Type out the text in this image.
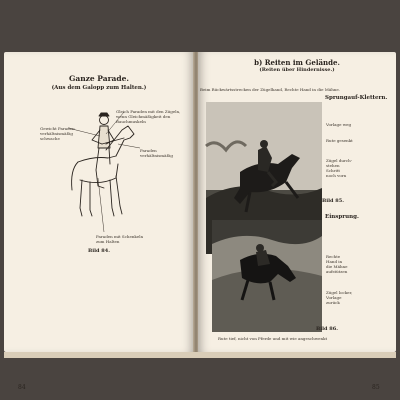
Ganze Parade.
(Aus dem Galopp zum Halten.)
Gewicht Paraden
verhältnismäßig
schwache
Gleich Paraden mit den Zügeln,
wenn Gleichmäßigkeit den
Bauchmuskeln
Paraden
verhältnismäßig
Paraden mit Schenkeln
zum Halten
Bild 84.
84
b) Reiten im Gelände.
(Reiten über Hindernisse.)
Beim Rückwärtsstrecken der Zügelhand, Rechte Hand in die Mähne.
Sprungauf-Klettern.
Vorlage weg
Rute gesenkt
Zügel durch-
stehen
Schritt
noch vorn
Bild 85.
Einsprung.
Rechte
Hand in
die Mähne
aufstützen
Zügel locker,
Vorlage
zurück
Bild 86.
Rute tief, nicht von Pferde und mit wie angeschwenkt
85
